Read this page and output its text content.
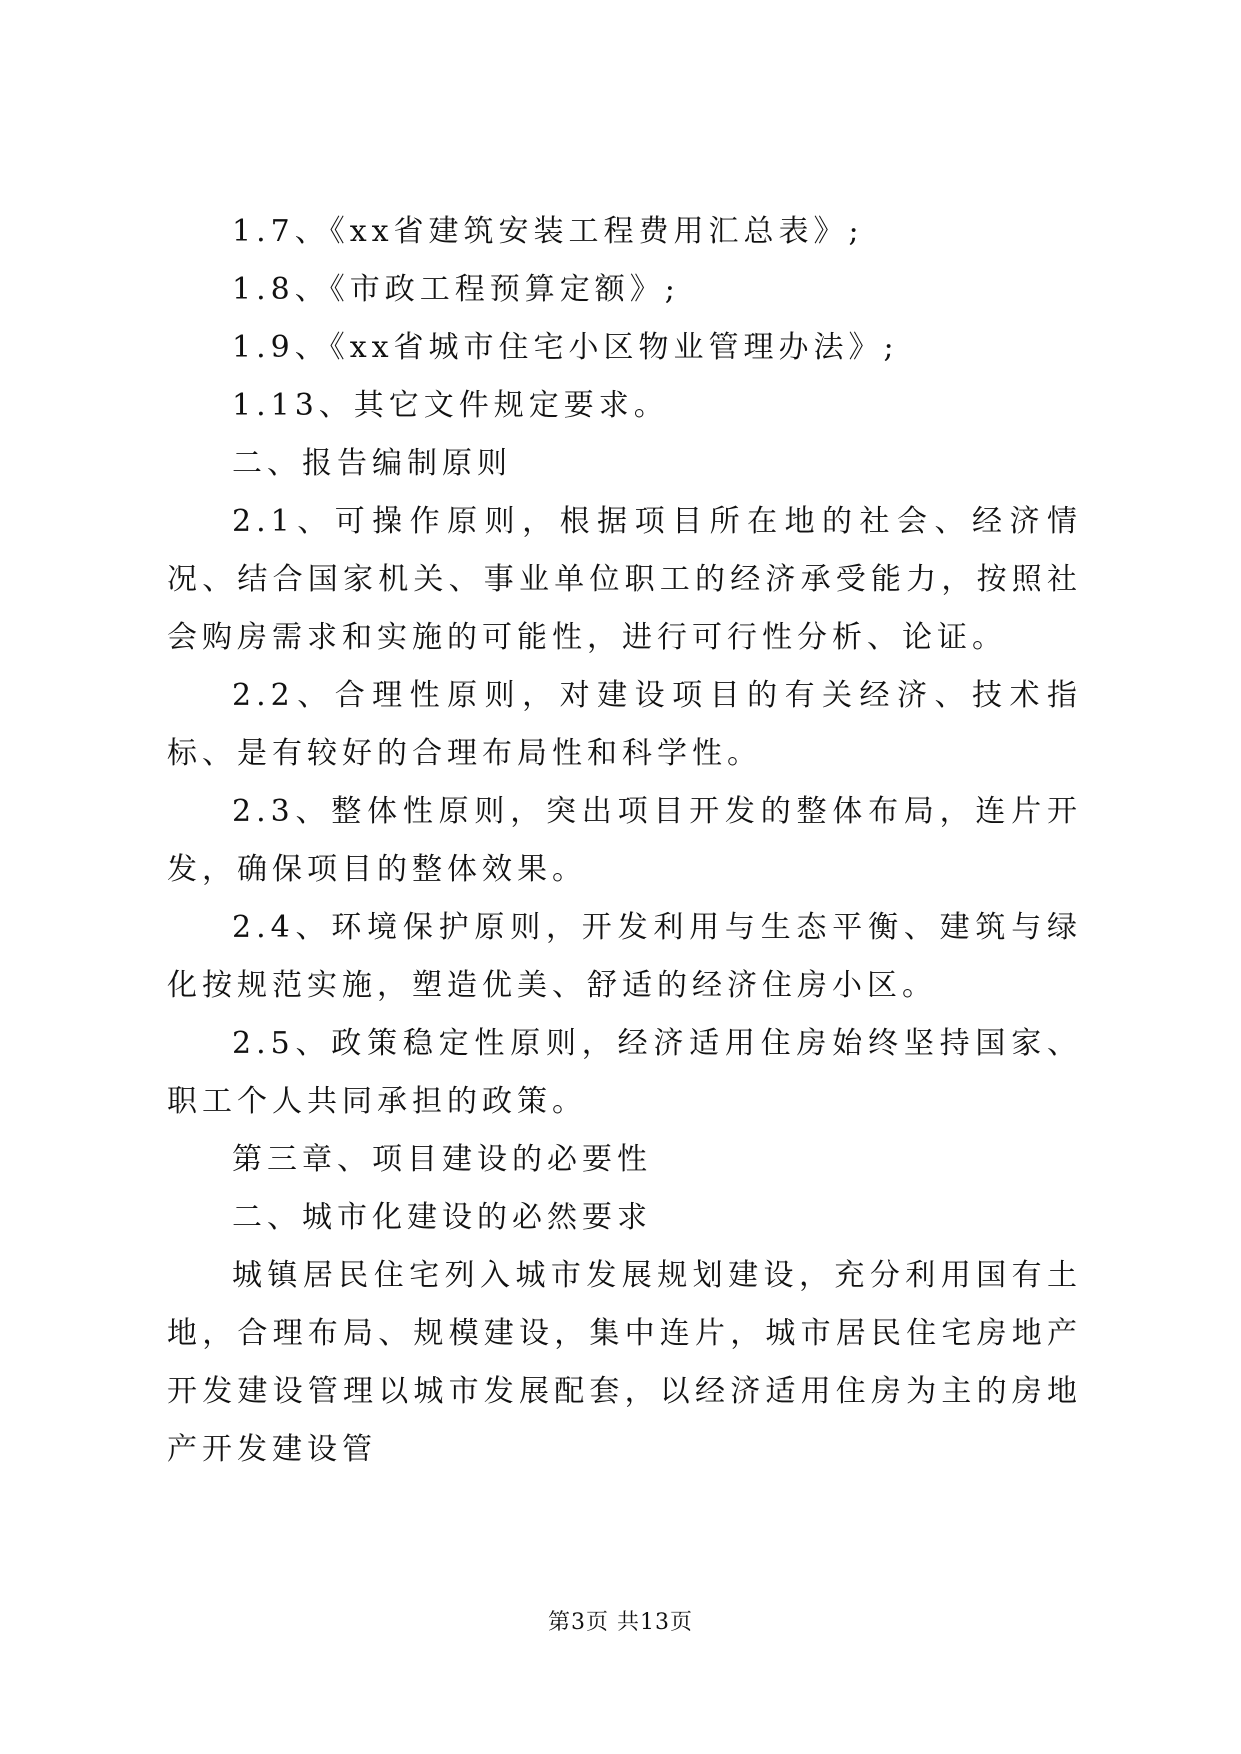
1.7、《xx省建筑安装工程费用汇总表》;

1.8、《市政工程预算定额》;

1.9、《xx省城市住宅小区物业管理办法》;

1.13、其它文件规定要求。

二、报告编制原则

2.1、可操作原则，根据项目所在地的社会、经济情况、结合国家机关、事业单位职工的经济承受能力，按照社会购房需求和实施的可能性，进行可行性分析、论证。

2.2、合理性原则，对建设项目的有关经济、技术指标、是有较好的合理布局性和科学性。

2.3、整体性原则，突出项目开发的整体布局，连片开发，确保项目的整体效果。

2.4、环境保护原则，开发利用与生态平衡、建筑与绿化按规范实施，塑造优美、舒适的经济住房小区。

2.5、政策稳定性原则，经济适用住房始终坚持国家、职工个人共同承担的政策。

第三章、项目建设的必要性

二、城市化建设的必然要求

城镇居民住宅列入城市发展规划建设，充分利用国有土地，合理布局、规模建设，集中连片，城市居民住宅房地产开发建设管理以城市发展配套，以经济适用住房为主的房地产开发建设管

第3页 共13页
